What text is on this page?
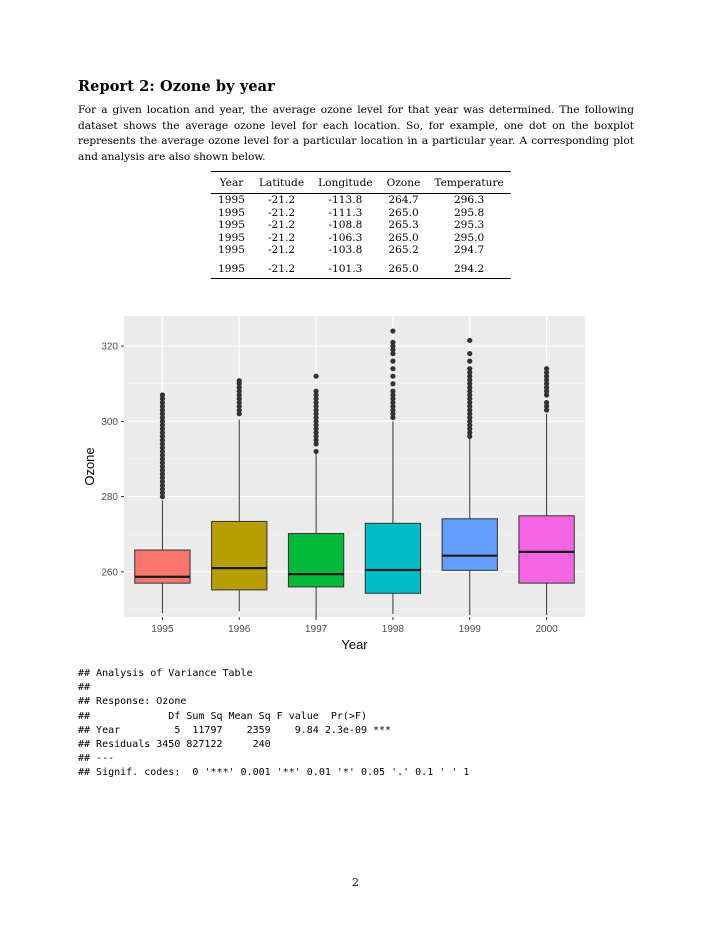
Report 2: Ozone by year
For a given location and year, the average ozone level for that year was determined. The following dataset shows the average ozone level for each location. So, for example, one dot on the boxplot represents the average ozone level for a particular location in a particular year. A corresponding plot and analysis are also shown below.
Year	Latitude	Longitude	Ozone	Temperature
1995	-21.2	-113.8	264.7	296.3
1995	-21.2	-111.3	265.0	295.8
1995	-21.2	-108.8	265.3	295.3
1995	-21.2	-106.3	265.0	295.0
1995	-21.2	-103.8	265.2	294.7
1995	-21.2	-101.3	265.0	294.2
260
280
300
320
1995	1996	1997	1998	1999	2000
Year
Ozone
## Analysis of Variance Table
##
## Response: Ozone
##             Df Sum Sq Mean Sq F value  Pr(>F)
## Year         5  11797    2359    9.84 2.3e-09 ***
## Residuals 3450 827122     240
## ---
## Signif. codes:  0 '***' 0.001 '**' 0.01 '*' 0.05 '.' 0.1 ' ' 1
2
